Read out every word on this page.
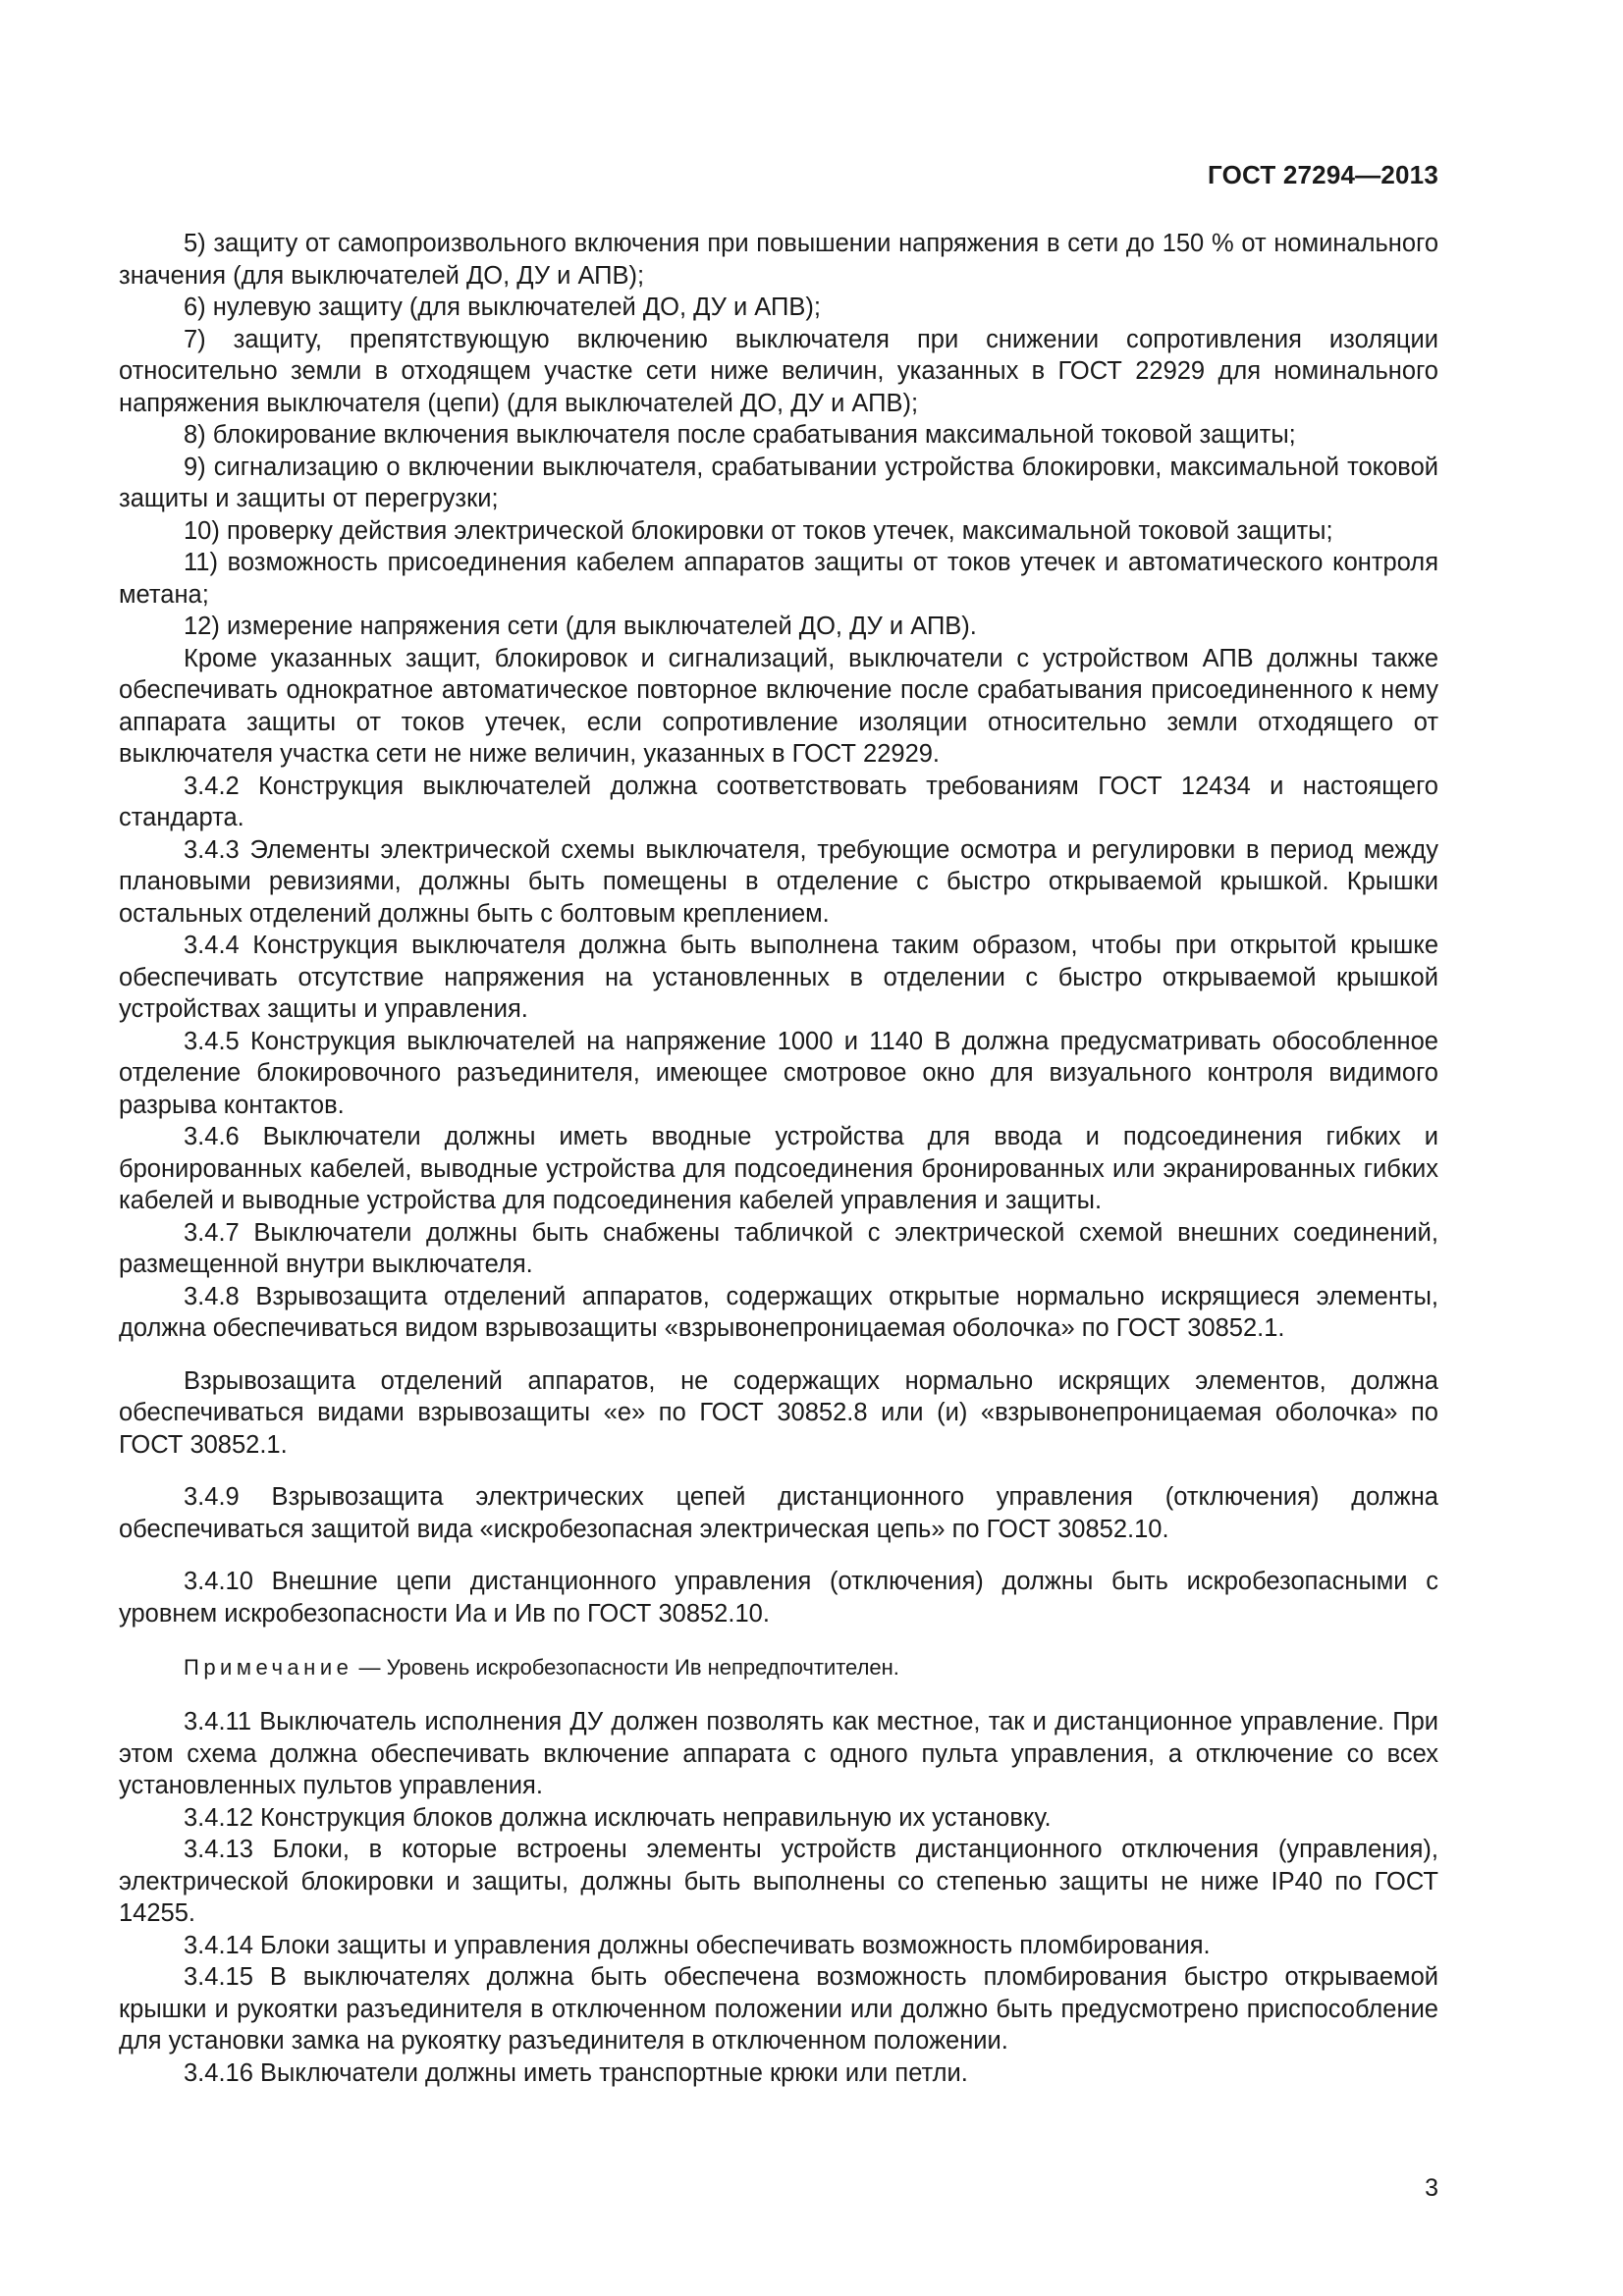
ГОСТ 27294—2013

5) защиту от самопроизвольного включения при повышении напряжения в сети до 150 % от номинального значения (для выключателей ДО, ДУ и АПВ);

6) нулевую защиту (для выключателей ДО, ДУ и АПВ);

7) защиту, препятствующую включению выключателя при снижении сопротивления изоляции относительно земли в отходящем участке сети ниже величин, указанных в ГОСТ 22929 для номинального напряжения выключателя (цепи) (для выключателей ДО, ДУ и АПВ);

8) блокирование включения выключателя после срабатывания максимальной токовой защиты;

9) сигнализацию о включении выключателя, срабатывании устройства блокировки, максимальной токовой защиты и защиты от перегрузки;

10) проверку действия электрической блокировки от токов утечек, максимальной токовой защиты;

11) возможность присоединения кабелем аппаратов защиты от токов утечек и автоматического контроля метана;

12) измерение напряжения сети (для выключателей ДО, ДУ и АПВ).

Кроме указанных защит, блокировок и сигнализаций, выключатели с устройством АПВ должны также обеспечивать однократное автоматическое повторное включение после срабатывания присоединенного к нему аппарата защиты от токов утечек, если сопротивление изоляции относительно земли отходящего от выключателя участка сети не ниже величин, указанных в ГОСТ 22929.

3.4.2 Конструкция выключателей должна соответствовать требованиям ГОСТ 12434 и настоящего стандарта.

3.4.3 Элементы электрической схемы выключателя, требующие осмотра и регулировки в период между плановыми ревизиями, должны быть помещены в отделение с быстро открываемой крышкой. Крышки остальных отделений должны быть с болтовым креплением.

3.4.4 Конструкция выключателя должна быть выполнена таким образом, чтобы при открытой крышке обеспечивать отсутствие напряжения на установленных в отделении с быстро открываемой крышкой устройствах защиты и управления.

3.4.5 Конструкция выключателей на напряжение 1000 и 1140 В должна предусматривать обособленное отделение блокировочного разъединителя, имеющее смотровое окно для визуального контроля видимого разрыва контактов.

3.4.6 Выключатели должны иметь вводные устройства для ввода и подсоединения гибких и бронированных кабелей, выводные устройства для подсоединения бронированных или экранированных гибких кабелей и выводные устройства для подсоединения кабелей управления и защиты.

3.4.7 Выключатели должны быть снабжены табличкой с электрической схемой внешних соединений, размещенной внутри выключателя.

3.4.8 Взрывозащита отделений аппаратов, содержащих открытые нормально искрящиеся элементы, должна обеспечиваться видом взрывозащиты «взрывонепроницаемая оболочка» по ГОСТ 30852.1.

Взрывозащита отделений аппаратов, не содержащих нормально искрящих элементов, должна обеспечиваться видами взрывозащиты «е» по ГОСТ 30852.8 или (и) «взрывонепроницаемая оболочка» по ГОСТ 30852.1.

3.4.9 Взрывозащита электрических цепей дистанционного управления (отключения) должна обеспечиваться защитой вида «искробезопасная электрическая цепь» по ГОСТ 30852.10.

3.4.10 Внешние цепи дистанционного управления (отключения) должны быть искробезопасными с уровнем искробезопасности Иа и Ив по ГОСТ 30852.10.

Примечание — Уровень искробезопасности Ив непредпочтителен.

3.4.11 Выключатель исполнения ДУ должен позволять как местное, так и дистанционное управление. При этом схема должна обеспечивать включение аппарата с одного пульта управления, а отключение со всех установленных пультов управления.

3.4.12 Конструкция блоков должна исключать неправильную их установку.

3.4.13 Блоки, в которые встроены элементы устройств дистанционного отключения (управления), электрической блокировки и защиты, должны быть выполнены со степенью защиты не ниже IP40 по ГОСТ 14255.

3.4.14 Блоки защиты и управления должны обеспечивать возможность пломбирования.

3.4.15 В выключателях должна быть обеспечена возможность пломбирования быстро открываемой крышки и рукоятки разъединителя в отключенном положении или должно быть предусмотрено приспособление для установки замка на рукоятку разъединителя в отключенном положении.

3.4.16 Выключатели должны иметь транспортные крюки или петли.

3
